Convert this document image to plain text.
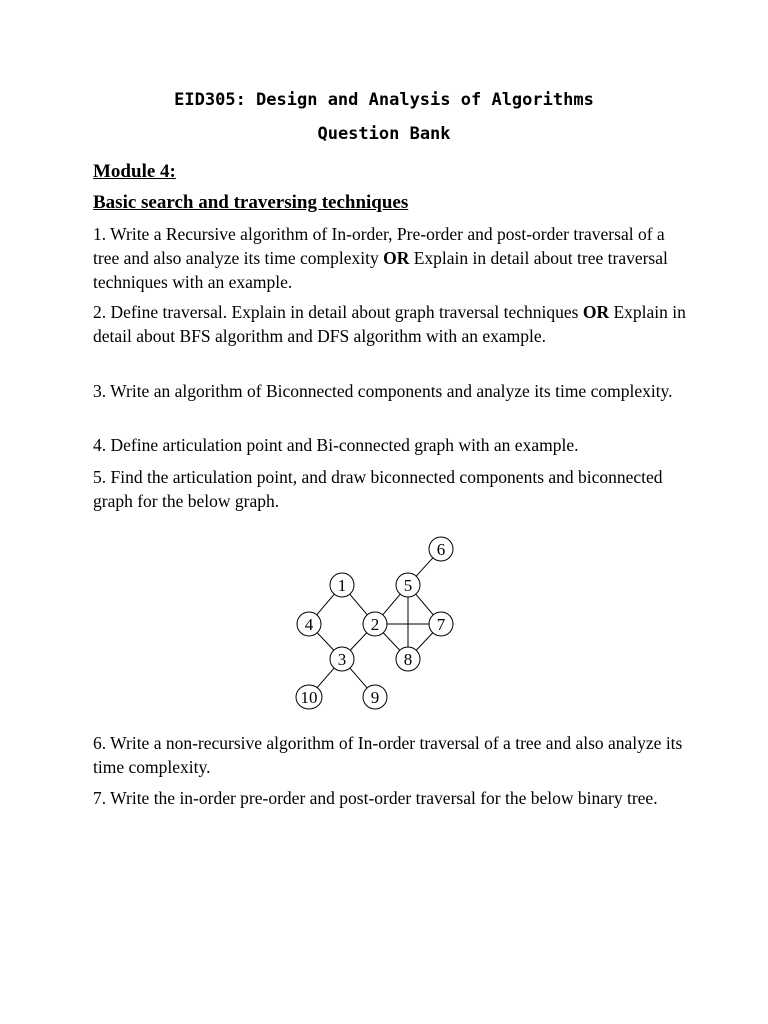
EID305: Design and Analysis of Algorithms
Question Bank
Module 4:
Basic search and traversing techniques
1. Write a Recursive algorithm of In-order, Pre-order and post-order traversal of a tree and also analyze its time complexity OR Explain in detail about tree traversal techniques with an example.
2. Define traversal. Explain in detail about graph traversal techniques OR Explain in detail about BFS algorithm and DFS algorithm with an example.
3. Write an algorithm of Biconnected components and analyze its time complexity.
4. Define articulation point and Bi-connected graph with an example.
5. Find the articulation point, and draw biconnected components and biconnected graph for the below graph.
1
2
3
4
5
6
7
8
9
10
6. Write a non-recursive algorithm of In-order traversal of a tree and also analyze its time complexity.
7. Write the in-order pre-order and post-order traversal for the below binary tree.
